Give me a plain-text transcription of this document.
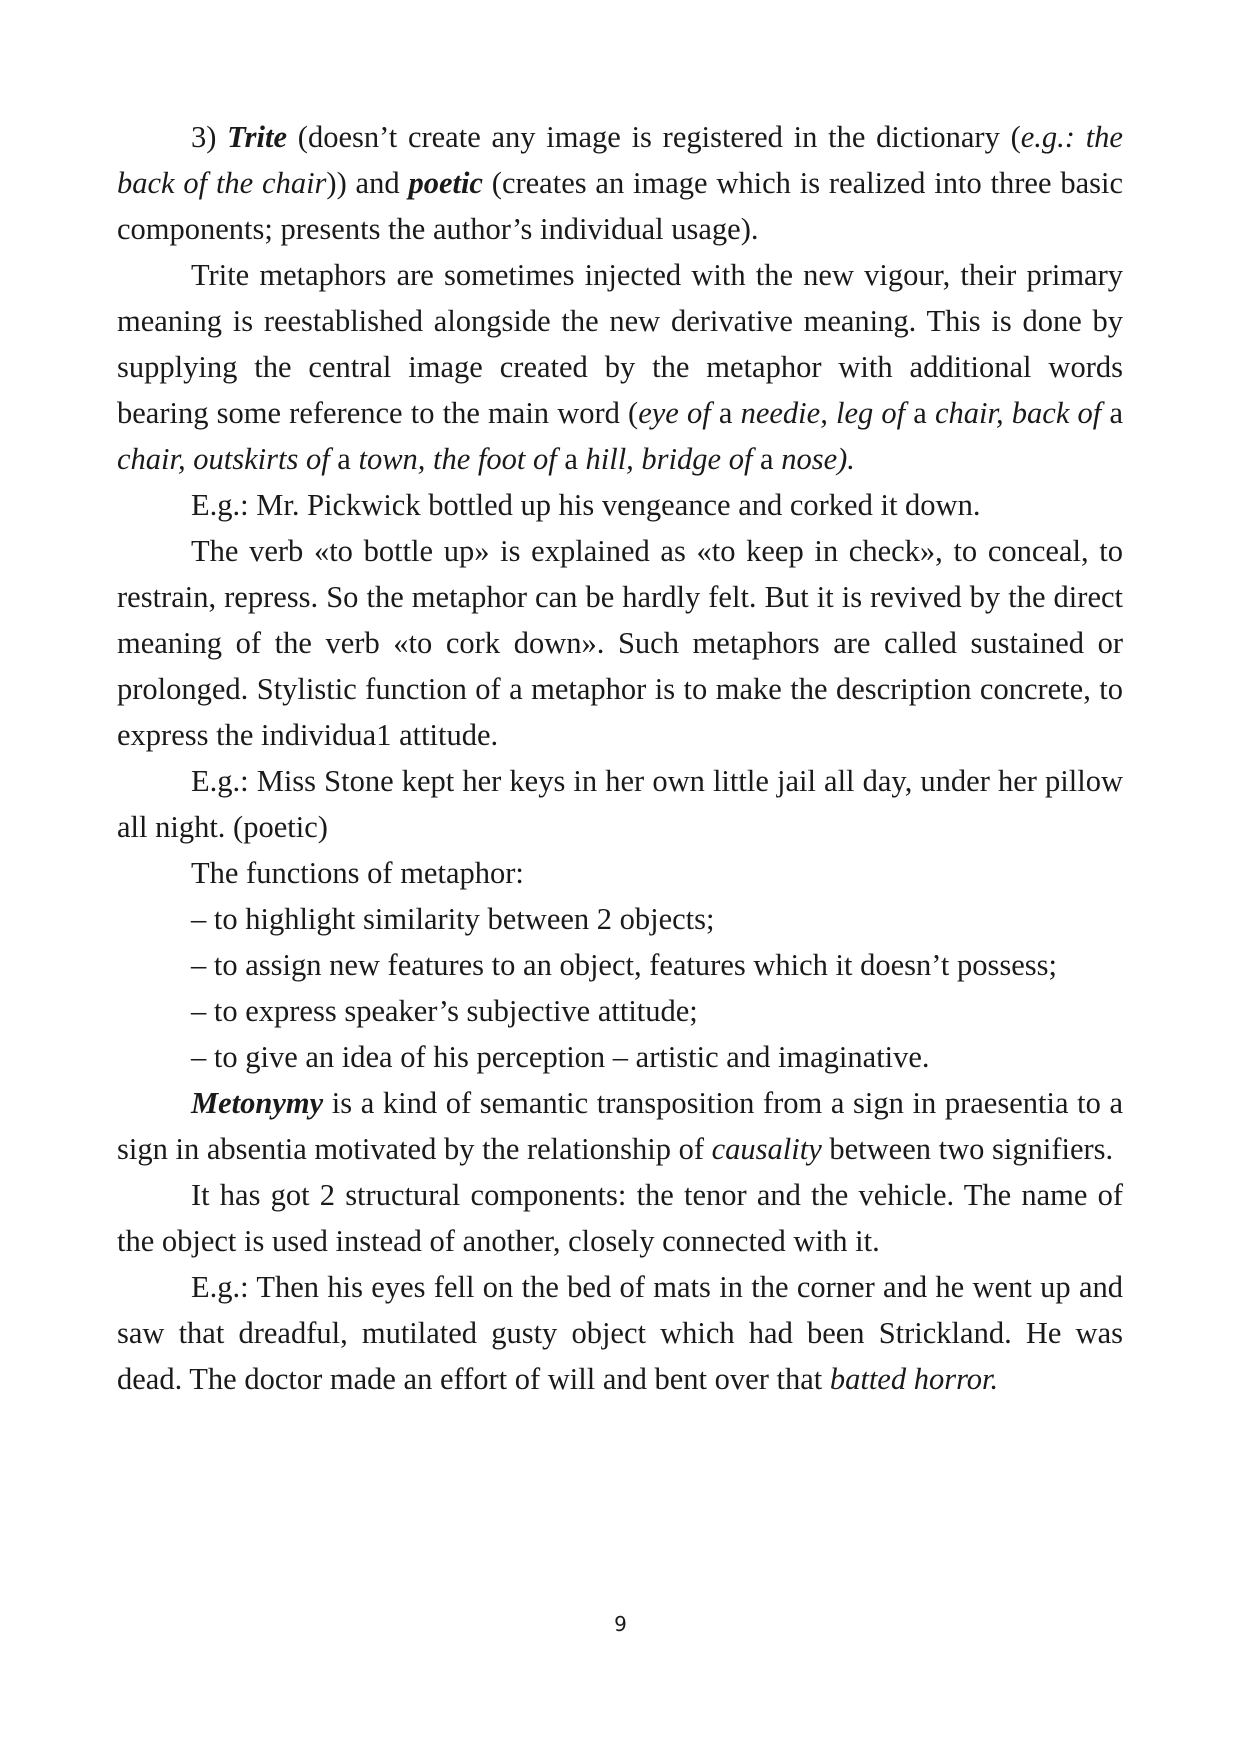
3) Trite (doesn’t create any image is registered in the dictionary (e.g.: the back of the chair)) and poetic (creates an image which is realized into three basic components; presents the author’s individual usage).

Trite metaphors are sometimes injected with the new vigour, their primary meaning is reestablished alongside the new derivative meaning. This is done by supplying the central image created by the metaphor with additional words bearing some reference to the main word (eye of a needie, leg of a chair, back of a chair, outskirts of a town, the foot of a hill, bridge of a nose).

E.g.: Mr. Pickwick bottled up his vengeance and corked it down.

The verb «to bottle up» is explained as «to keep in check», to conceal, to restrain, repress. So the metaphor can be hardly felt. But it is revived by the direct meaning of the verb «to cork down». Such metaphors are called sustained or prolonged. Stylistic function of a metaphor is to make the description concrete, to express the individua1 attitude.

E.g.: Miss Stone kept her keys in her own little jail all day, under her pillow all night. (poetic)

The functions of metaphor:

– to highlight similarity between 2 objects;

– to assign new features to an object, features which it doesn’t possess;

– to express speaker’s subjective attitude;

– to give an idea of his perception – artistic and imaginative.

Metonymy is a kind of semantic transposition from a sign in praesentia to a sign in absentia motivated by the relationship of causality between two signifiers.

It has got 2 structural components: the tenor and the vehicle. The name of the object is used instead of another, closely connected with it.

E.g.: Then his eyes fell on the bed of mats in the corner and he went up and saw that dreadful, mutilated gusty object which had been Strickland. He was dead. The doctor made an effort of will and bent over that batted horror.

9
